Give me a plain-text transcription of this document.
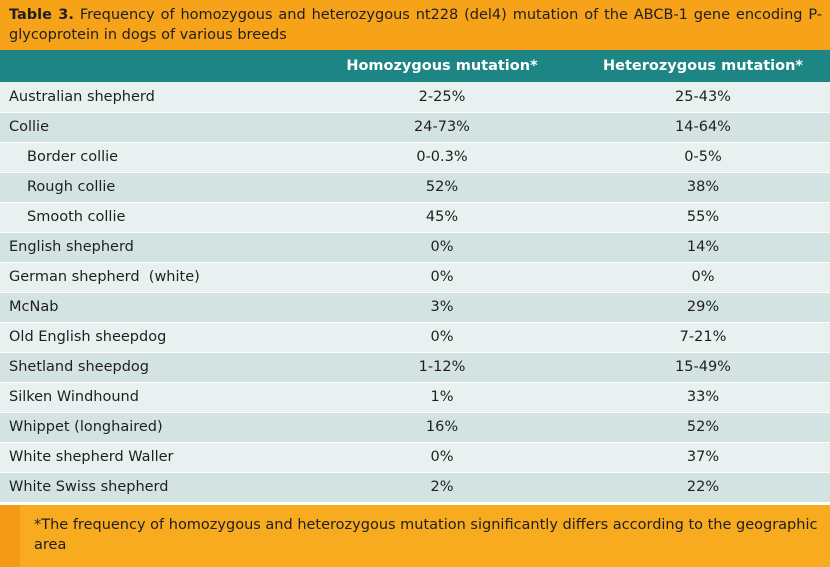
Table 3. Frequency of homozygous and heterozygous nt228 (del4) mutation of the ABCB-1 gene encoding P-glycoprotein in dogs of various breeds
	Homozygous mutation*	Heterozygous mutation*
Australian shepherd	2-25%	25-43%
Collie	24-73%	14-64%
Border collie	0-0.3%	0-5%
Rough collie	52%	38%
Smooth collie	45%	55%
English shepherd	0%	14%
German shepherd  (white)	0%	0%
McNab	3%	29%
Old English sheepdog	0%	7-21%
Shetland sheepdog	1-12%	15-49%
Silken Windhound	1%	33%
Whippet (longhaired)	16%	52%
White shepherd Waller	0%	37%
White Swiss shepherd	2%	22%
*The frequency of homozygous and heterozygous mutation significantly differs according to the geographic area
